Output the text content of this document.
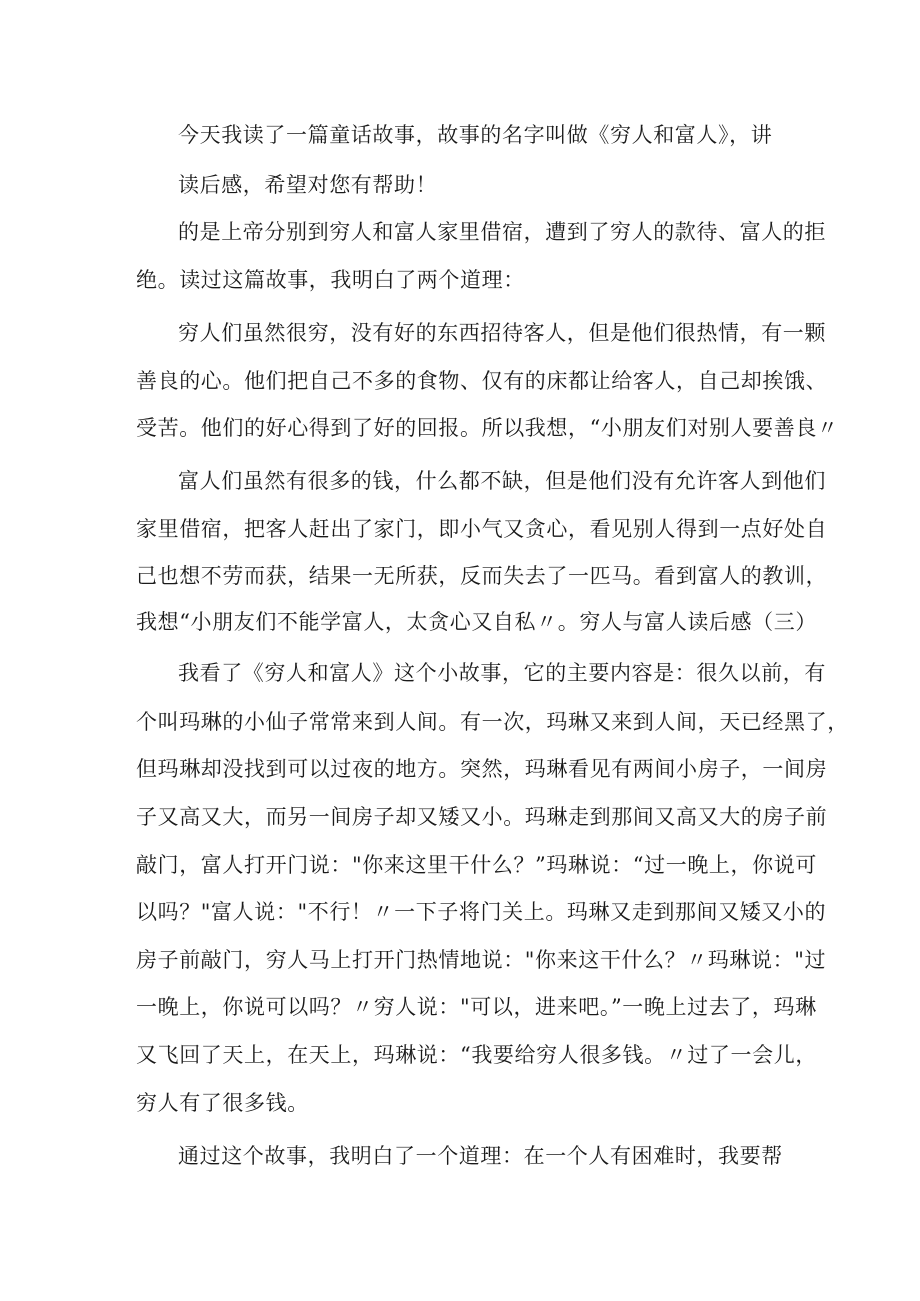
今天我读了一篇童话故事，故事的名字叫做《穷人和富人》，讲
读后感，希望对您有帮助！
的是上帝分别到穷人和富人家里借宿，遭到了穷人的款待、富人的拒
绝。读过这篇故事，我明白了两个道理：
穷人们虽然很穷，没有好的东西招待客人，但是他们很热情，有一颗
善良的心。他们把自己不多的食物、仅有的床都让给客人，自己却挨饿、
受苦。他们的好心得到了好的回报。所以我想，“小朋友们对别人要善良〃
富人们虽然有很多的钱，什么都不缺，但是他们没有允许客人到他们
家里借宿，把客人赶出了家门，即小气又贪心，看见别人得到一点好处自
己也想不劳而获，结果一无所获，反而失去了一匹马。看到富人的教训，
我想“小朋友们不能学富人，太贪心又自私〃。穷人与富人读后感（三）
我看了《穷人和富人》这个小故事，它的主要内容是：很久以前，有
个叫玛琳的小仙子常常来到人间。有一次，玛琳又来到人间，天已经黑了，
但玛琳却没找到可以过夜的地方。突然，玛琳看见有两间小房子，一间房
子又高又大，而另一间房子却又矮又小。玛琳走到那间又高又大的房子前
敲门，富人打开门说："你来这里干什么？”玛琳说：“过一晚上，你说可
以吗？"富人说："不行！〃一下子将门关上。玛琳又走到那间又矮又小的
房子前敲门，穷人马上打开门热情地说："你来这干什么？〃玛琳说："过
一晚上，你说可以吗？〃穷人说："可以，进来吧。”一晚上过去了，玛琳
又飞回了天上，在天上，玛琳说：“我要给穷人很多钱。〃过了一会儿，
穷人有了很多钱。
通过这个故事，我明白了一个道理：在一个人有困难时，我要帮
